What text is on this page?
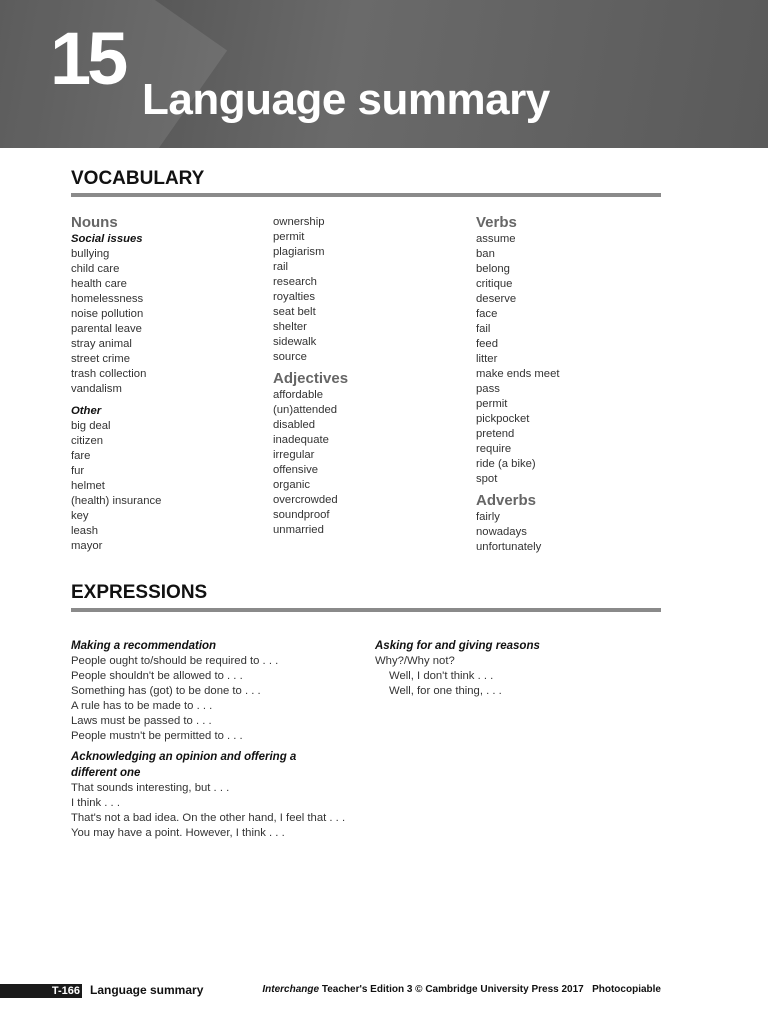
15 Language summary
VOCABULARY
Nouns
Social issues
bullying
child care
health care
homelessness
noise pollution
parental leave
stray animal
street crime
trash collection
vandalism
Other
big deal
citizen
fare
fur
helmet
(health) insurance
key
leash
mayor
ownership
permit
plagiarism
rail
research
royalties
seat belt
shelter
sidewalk
source
Adjectives
affordable
(un)attended
disabled
inadequate
irregular
offensive
organic
overcrowded
soundproof
unmarried
Verbs
assume
ban
belong
critique
deserve
face
fail
feed
litter
make ends meet
pass
permit
pickpocket
pretend
require
ride (a bike)
spot
Adverbs
fairly
nowadays
unfortunately
EXPRESSIONS
Making a recommendation
People ought to/should be required to . . .
People shouldn't be allowed to . . .
Something has (got) to be done to . . .
A rule has to be made to . . .
Laws must be passed to . . .
People mustn't be permitted to . . .
Acknowledging an opinion and offering a
different one
That sounds interesting, but . . .
I think . . .
That's not a bad idea. On the other hand, I feel that . . .
You may have a point. However, I think . . .
Asking for and giving reasons
Why?/Why not?
Well, I don't think . . .
Well, for one thing, . . .
T-166 Language summary	Interchange Teacher's Edition 3 © Cambridge University Press 2017 Photocopiable
